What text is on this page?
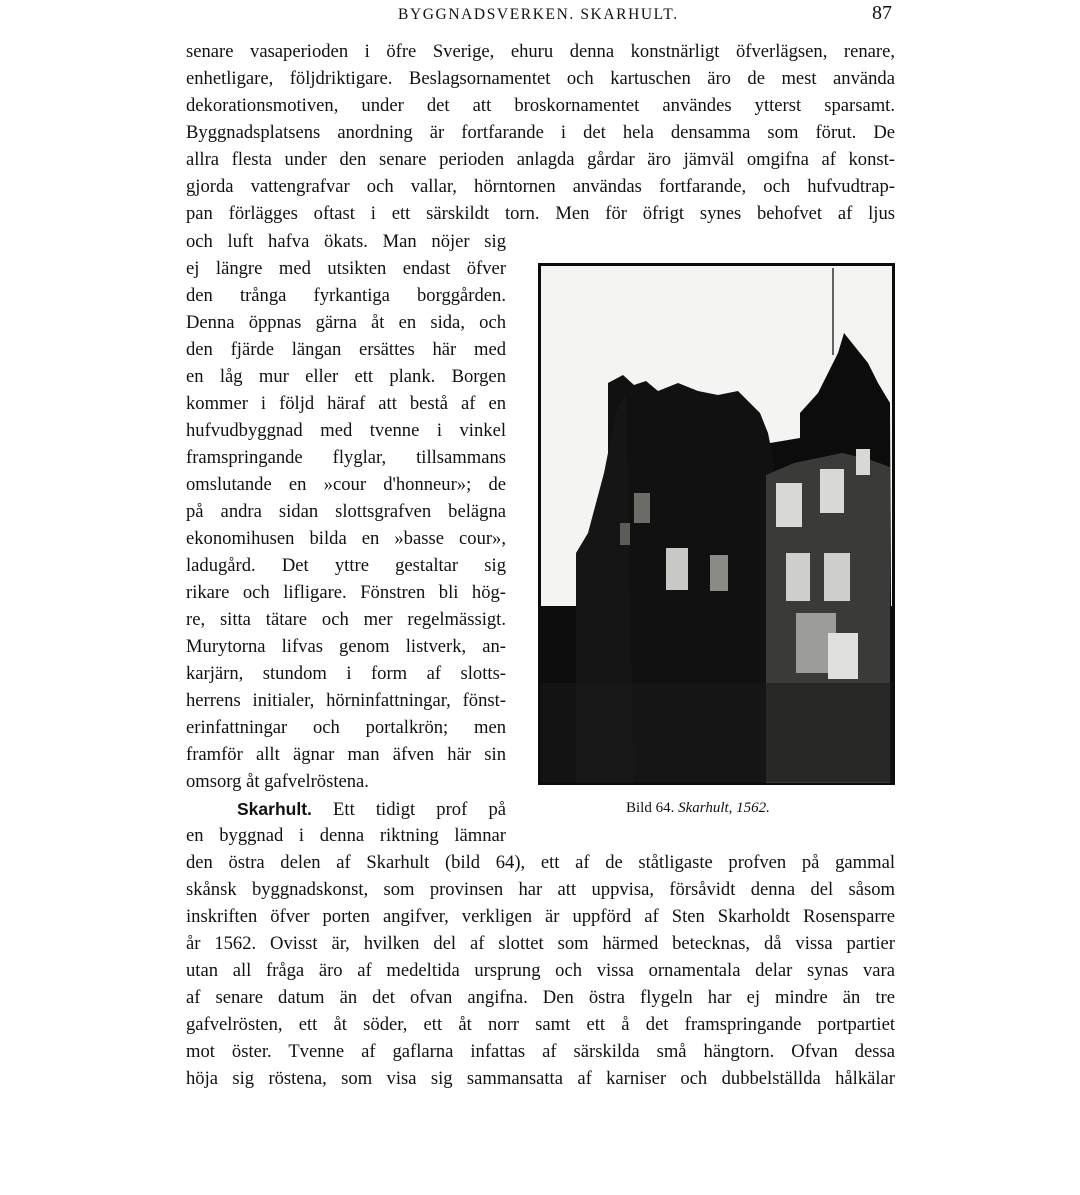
BYGGNADSVERKEN. SKARHULT.	87
senare vasaperioden i öfre Sverige, ehuru denna konstnärligt öfverlägsen, renare,
enhetligare, följdriktigare. Beslagsornamentet och kartuschen äro de mest använda
dekorationsmotiven, under det att broskornamentet användes ytterst sparsamt.
Byggnadsplatsens anordning är fortfarande i det hela densamma som förut. De
allra flesta under den senare perioden anlagda gårdar äro jämväl omgifna af konst-
gjorda vattengrafvar och vallar, hörntornen användas fortfarande, och hufvudtrap-
pan förlägges oftast i ett särskildt torn. Men för öfrigt synes behofvet af ljus
och luft hafva ökats. Man nöjer sig
ej längre med utsikten endast öfver
den trånga fyrkantiga borggården.
Denna öppnas gärna åt en sida, och
den fjärde längan ersättes här med
en låg mur eller ett plank. Borgen
kommer i följd häraf att bestå af en
hufvudbyggnad med tvenne i vinkel
framspringande flyglar, tillsammans
omslutande en »cour d'honneur»; de
på andra sidan slottsgrafven belägna
ekonomihusen bilda en »basse cour»,
ladugård. Det yttre gestaltar sig
rikare och lifligare. Fönstren bli hög-
re, sitta tätare och mer regelmässigt.
Murytorna lifvas genom listverk, an-
karjärn, stundom i form af slotts-
herrens initialer, hörninfattningar, fönst-
erinfattningar och portalkrön; men
framför allt ägnar man äfven här sin
omsorg åt gafvelröstena.
Skarhult. Ett tidigt prof på
en byggnad i denna riktning lämnar
den östra delen af Skarhult (bild 64), ett af de ståtligaste profven på gammal
skånsk byggnadskonst, som provinsen har att uppvisa, försåvidt denna del såsom
inskriften öfver porten angifver, verkligen är uppförd af Sten Skarholdt Rosensparre
år 1562. Ovisst är, hvilken del af slottet som härmed betecknas, då vissa partier
utan all fråga äro af medeltida ursprung och vissa ornamentala delar synas vara
af senare datum än det ofvan angifna. Den östra flygeln har ej mindre än tre
gafvelrösten, ett åt söder, ett åt norr samt ett å det framspringande portpartiet
mot öster. Tvenne af gaflarna infattas af särskilda små hängtorn. Ofvan dessa
höja sig röstena, som visa sig sammansatta af karniser och dubbelställda hålkälar
Bild 64. Skarhult, 1562.
